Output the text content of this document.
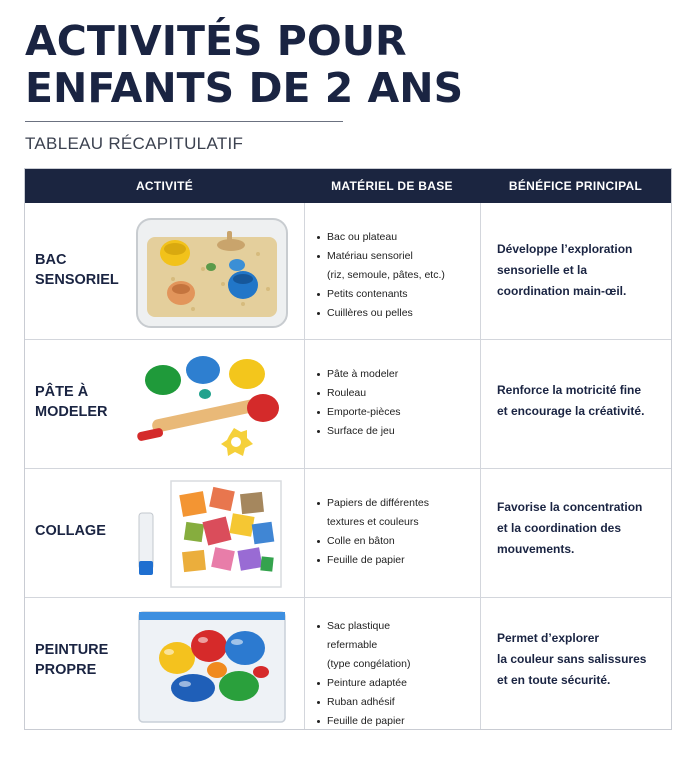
ACTIVITÉS POUR
ENFANTS DE 2 ANS
TABLEAU RÉCAPITULATIF
ACTIVITÉ	MATÉRIEL DE BASE	BÉNÉFICE PRINCIPAL
BAC
SENSORIEL
Bac ou plateau
Matériau sensoriel
(riz, semoule, pâtes, etc.)
Petits contenants
Cuillères ou pelles
Développe l’exploration
sensorielle et la
coordination main-œil.
PÂTE À
MODELER
Pâte à modeler
Rouleau
Emporte-pièces
Surface de jeu
Renforce la motricité fine
et encourage la créativité.
COLLAGE
Papiers de différentes
textures et couleurs
Colle en bâton
Feuille de papier
Favorise la concentration
et la coordination des
mouvements.
PEINTURE
PROPRE
Sac plastique
refermable
(type congélation)
Peinture adaptée
Ruban adhésif
Feuille de papier
Permet d’explorer
la couleur sans salissures
et en toute sécurité.
